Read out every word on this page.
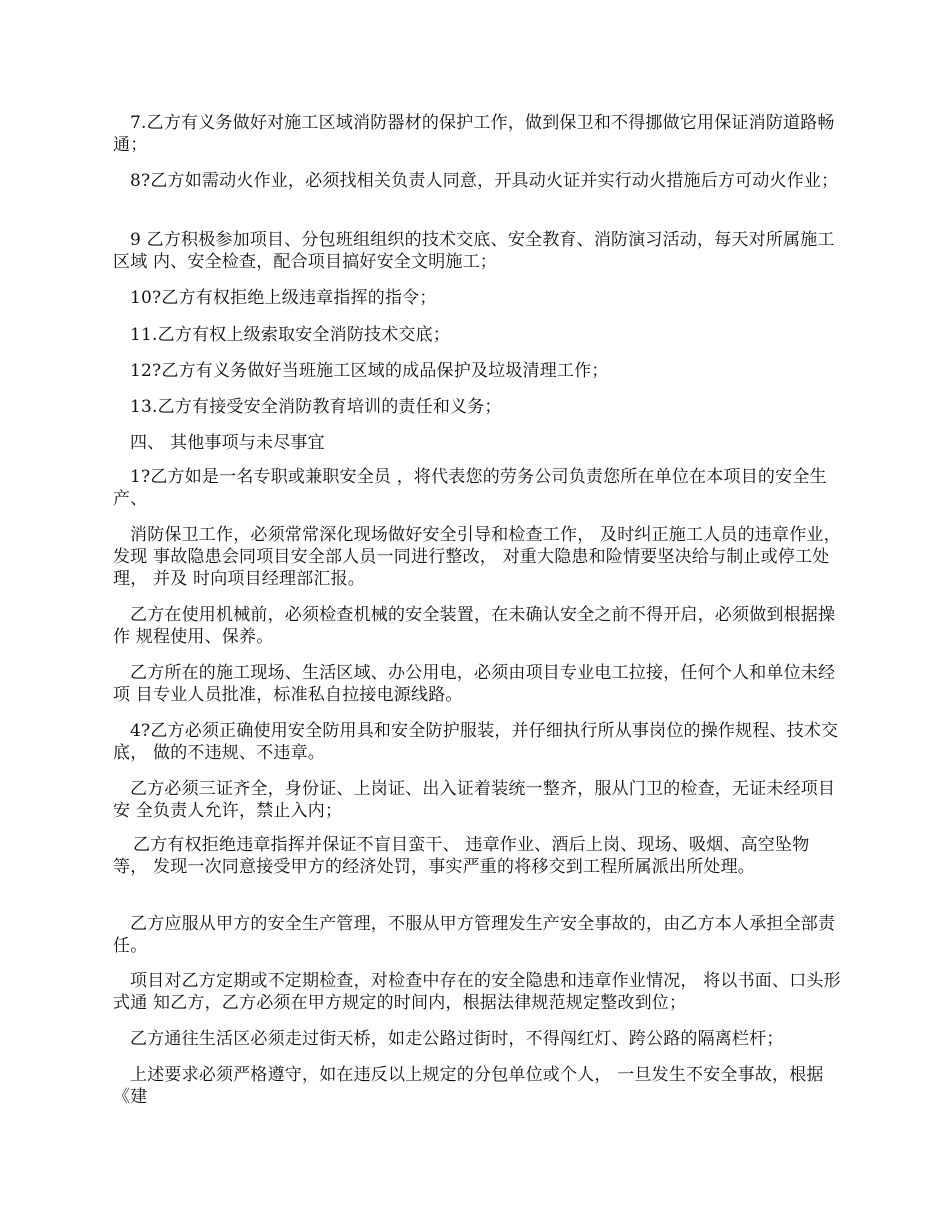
7.乙方有义务做好对施工区域消防器材的保护工作，做到保卫和不得挪做它用保证消防道路畅通；

8?乙方如需动火作业，必须找相关负责人同意，开具动火证并实行动火措施后方可动火作业；

9 乙方积极参加项目、分包班组组织的技术交底、安全教育、消防演习活动，每天对所属施工区域 内、安全检查，配合项目搞好安全文明施工；

10?乙方有权拒绝上级违章指挥的指令；

11.乙方有权上级索取安全消防技术交底；

12?乙方有义务做好当班施工区域的成品保护及垃圾清理工作；

13.乙方有接受安全消防教育培训的责任和义务；

四、 其他事项与未尽事宜

1?乙方如是一名专职或兼职安全员 ，将代表您的劳务公司负责您所在单位在本项目的安全生产、

消防保卫工作，必须常常深化现场做好安全引导和检查工作， 及时纠正施工人员的违章作业，发现 事故隐患会同项目安全部人员一同进行整改， 对重大隐患和险情要坚决给与制止或停工处理， 并及 时向项目经理部汇报。

乙方在使用机械前，必须检查机械的安全装置，在未确认安全之前不得开启，必须做到根据操作 规程使用、保养。

乙方所在的施工现场、生活区域、办公用电，必须由项目专业电工拉接，任何个人和单位未经项 目专业人员批准，标准私自拉接电源线路。

4?乙方必须正确使用安全防用具和安全防护服装，并仔细执行所从事岗位的操作规程、技术交底， 做的不违规、不违章。

乙方必须三证齐全，身份证、上岗证、出入证着装统一整齐，服从门卫的检查，无证未经项目安 全负责人允许，禁止入内；

乙方有权拒绝违章指挥并保证不盲目蛮干、 违章作业、酒后上岗、现场、吸烟、高空坠物等， 发现一次同意接受甲方的经济处罚，事实严重的将移交到工程所属派出所处理。

乙方应服从甲方的安全生产管理，不服从甲方管理发生产安全事故的，由乙方本人承担全部责任。

项目对乙方定期或不定期检查，对检查中存在的安全隐患和违章作业情况， 将以书面、口头形式通 知乙方，乙方必须在甲方规定的时间内，根据法律规范规定整改到位；

乙方通往生活区必须走过街天桥，如走公路过街时，不得闯红灯、跨公路的隔离栏杆；

上述要求必须严格遵守，如在违反以上规定的分包单位或个人， 一旦发生不安全事故，根据《建
